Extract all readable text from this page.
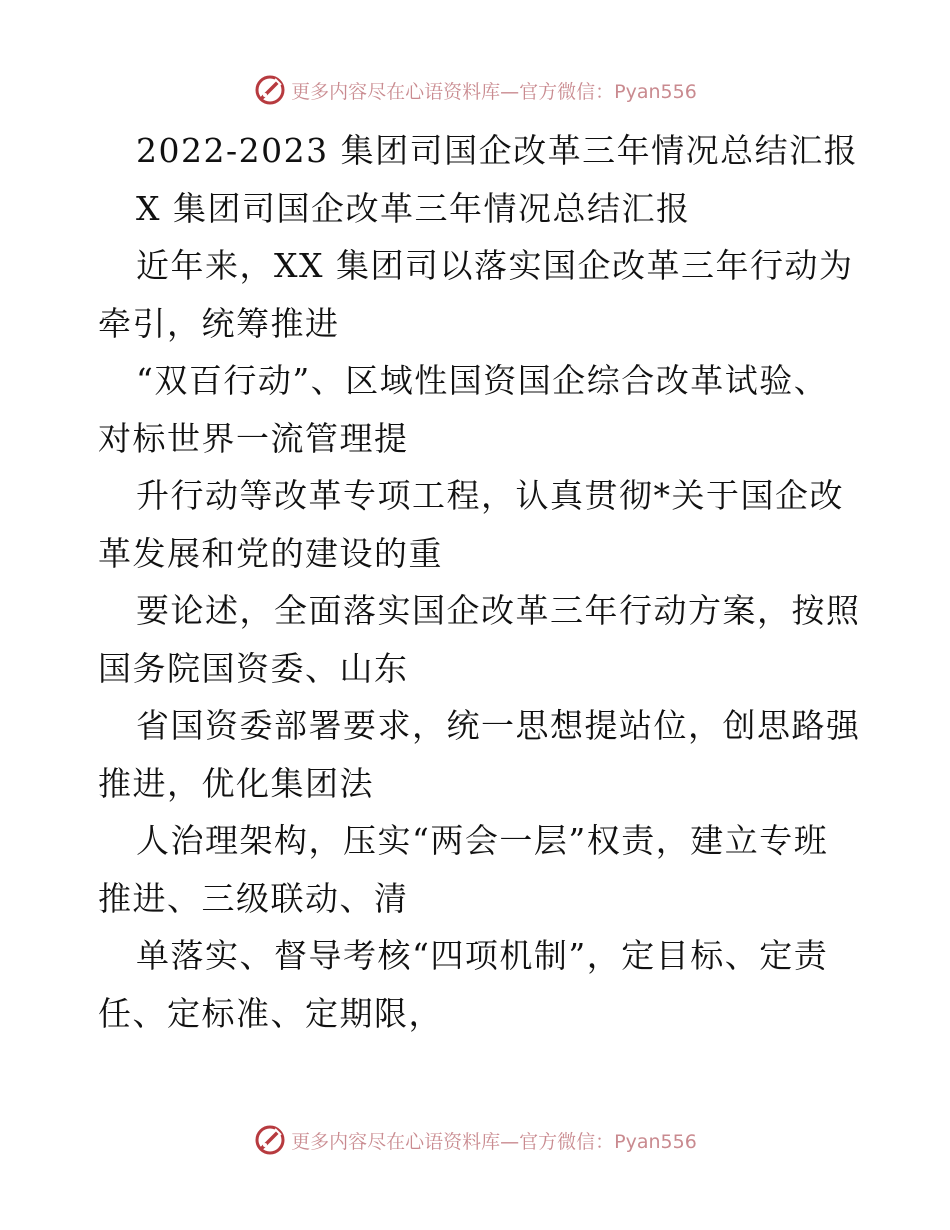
更多内容尽在心语资料库—官方微信：Pyan556
2022-2023 集团司国企改革三年情况总结汇报
X 集团司国企改革三年情况总结汇报
近年来，XX 集团司以落实国企改革三年行动为
牵引，统筹推进
“双百行动”、区域性国资国企综合改革试验、
对标世界一流管理提
升行动等改革专项工程，认真贯彻*关于国企改
革发展和党的建设的重
要论述，全面落实国企改革三年行动方案，按照
国务院国资委、山东
省国资委部署要求，统一思想提站位，创思路强
推进，优化集团法
人治理架构，压实“两会一层”权责，建立专班
推进、三级联动、清
单落实、督导考核“四项机制”，定目标、定责
任、定标准、定期限，
更多内容尽在心语资料库—官方微信：Pyan556
